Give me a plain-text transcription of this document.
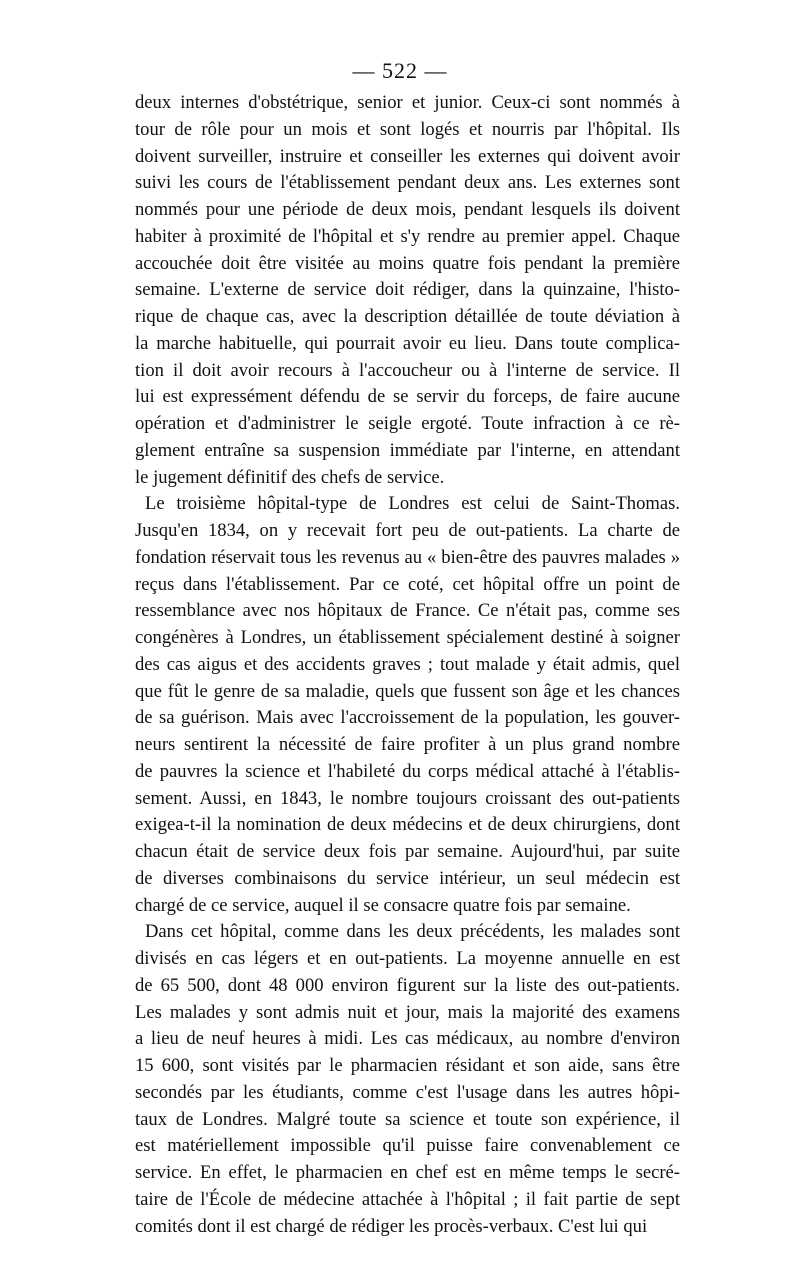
— 522 —
deux internes d'obstétrique, senior et junior. Ceux-ci sont nommés à
tour de rôle pour un mois et sont logés et nourris par l'hôpital. Ils
doivent surveiller, instruire et conseiller les externes qui doivent avoir
suivi les cours de l'établissement pendant deux ans. Les externes sont
nommés pour une période de deux mois, pendant lesquels ils doivent
habiter à proximité de l'hôpital et s'y rendre au premier appel. Chaque
accouchée doit être visitée au moins quatre fois pendant la première
semaine. L'externe de service doit rédiger, dans la quinzaine, l'histo-
rique de chaque cas, avec la description détaillée de toute déviation à
la marche habituelle, qui pourrait avoir eu lieu. Dans toute complica-
tion il doit avoir recours à l'accoucheur ou à l'interne de service. Il
lui est expressément défendu de se servir du forceps, de faire aucune
opération et d'administrer le seigle ergoté. Toute infraction à ce rè-
glement entraîne sa suspension immédiate par l'interne, en attendant
le jugement définitif des chefs de service.
Le troisième hôpital-type de Londres est celui de Saint-Thomas.
Jusqu'en 1834, on y recevait fort peu de out-patients. La charte de
fondation réservait tous les revenus au « bien-être des pauvres malades »
reçus dans l'établissement. Par ce coté, cet hôpital offre un point de
ressemblance avec nos hôpitaux de France. Ce n'était pas, comme ses
congénères à Londres, un établissement spécialement destiné à soigner
des cas aigus et des accidents graves ; tout malade y était admis, quel
que fût le genre de sa maladie, quels que fussent son âge et les chances
de sa guérison. Mais avec l'accroissement de la population, les gouver-
neurs sentirent la nécessité de faire profiter à un plus grand nombre
de pauvres la science et l'habileté du corps médical attaché à l'établis-
sement. Aussi, en 1843, le nombre toujours croissant des out-patients
exigea-t-il la nomination de deux médecins et de deux chirurgiens, dont
chacun était de service deux fois par semaine. Aujourd'hui, par suite
de diverses combinaisons du service intérieur, un seul médecin est
chargé de ce service, auquel il se consacre quatre fois par semaine.
Dans cet hôpital, comme dans les deux précédents, les malades sont
divisés en cas légers et en out-patients. La moyenne annuelle en est
de 65 500, dont 48 000 environ figurent sur la liste des out-patients.
Les malades y sont admis nuit et jour, mais la majorité des examens
a lieu de neuf heures à midi. Les cas médicaux, au nombre d'environ
15 600, sont visités par le pharmacien résidant et son aide, sans être
secondés par les étudiants, comme c'est l'usage dans les autres hôpi-
taux de Londres. Malgré toute sa science et toute son expérience, il
est matériellement impossible qu'il puisse faire convenablement ce
service. En effet, le pharmacien en chef est en même temps le secré-
taire de l'École de médecine attachée à l'hôpital ; il fait partie de sept
comités dont il est chargé de rédiger les procès-verbaux. C'est lui qui
